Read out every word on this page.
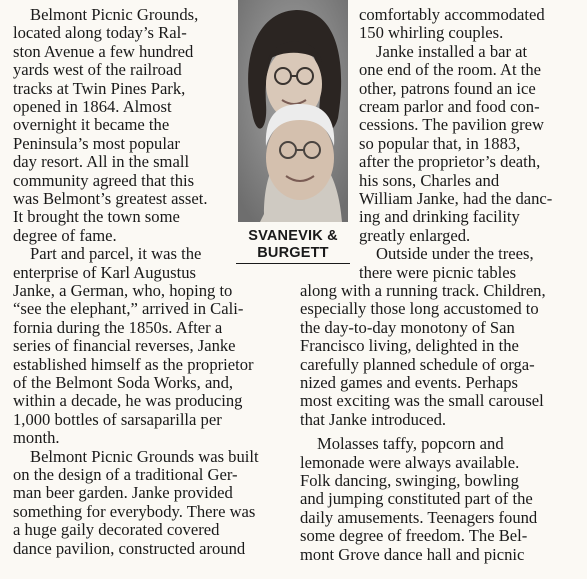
Belmont Picnic Grounds,
located along today’s Ral-
ston Avenue a few hundred
yards west of the railroad
tracks at Twin Pines Park,
opened in 1864. Almost
overnight it became the
Peninsula’s most popular
day resort. All in the small
community agreed that this
was Belmont’s greatest asset.
It brought the town some
degree of fame.
Part and parcel, it was the
enterprise of Karl Augustus
SVANEVIK &
BURGETT
comfortably accommodated
150 whirling couples.
Janke installed a bar at
one end of the room. At the
other, patrons found an ice
cream parlor and food con-
cessions. The pavilion grew
so popular that, in 1883,
after the proprietor’s death,
his sons, Charles and
William Janke, had the danc-
ing and drinking facility
greatly enlarged.
Outside under the trees,
there were picnic tables
Janke, a German, who, hoping to
“see the elephant,” arrived in Cali-
fornia during the 1850s. After a
series of financial reverses, Janke
established himself as the proprietor
of the Belmont Soda Works, and,
within a decade, he was producing
1,000 bottles of sarsaparilla per
month.
Belmont Picnic Grounds was built
on the design of a traditional Ger-
man beer garden. Janke provided
something for everybody. There was
a huge gaily decorated covered
dance pavilion, constructed around
along with a running track. Children,
especially those long accustomed to
the day-to-day monotony of San
Francisco living, delighted in the
carefully planned schedule of orga-
nized games and events. Perhaps
most exciting was the small carousel
that Janke introduced.
Molasses taffy, popcorn and
lemonade were always available.
Folk dancing, swinging, bowling
and jumping constituted part of the
daily amusements. Teenagers found
some degree of freedom. The Bel-
mont Grove dance hall and picnic
